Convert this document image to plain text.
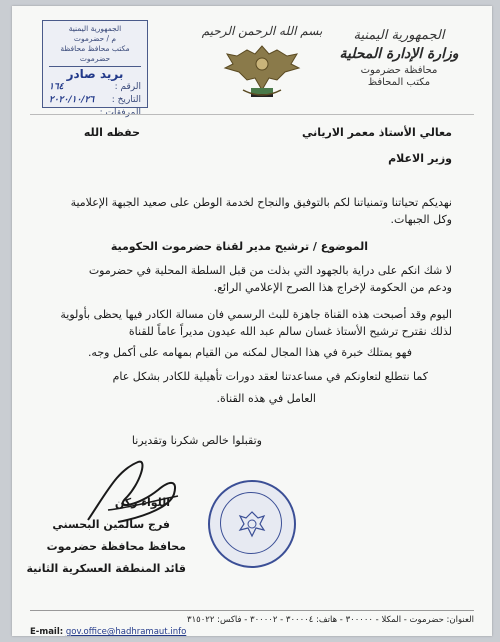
الجمهورية اليمنية
وزارة الإدارة المحلية
محافظة حضرموت
مكتب المحافظ
بسم الله الرحمن الرحيم
الجمهورية اليمنية
م / حضرموت
مكتب محافظ محافظة حضرموت
بريد صادر
الرقم :
١٦٤
التاريخ :
٢٠٢٠/١٠/٢٦
المرفقات :
معالي الأستاذ معمر الارياني
حفظه الله
وزير الاعلام
نهديكم تحياتنا وتمنياتنا لكم بالتوفيق والنجاح لخدمة الوطن على صعيد الجبهة الإعلامية وكل الجبهات.
الموضوع / ترشيح مدير لقناة حضرموت الحكومية
لا شك انكم على دراية بالجهود التي بذلت من قبل السلطة المحلية في حضرموت ودعم من الحكومة لإخراج هذا الصرح الإعلامي الرائع.
اليوم وقد أصبحت هذه القناة جاهزة للبث الرسمي فان مسالة الكادر فيها يحظى بأولوية لذلك نقترح ترشيح الأستاذ غسان سالم عبد الله عيدون مديراً عاماً للقناة
فهو يمتلك خبرة في هذا المجال لمكنه من القيام بمهامه على أكمل وجه.
كما نتطلع لتعاونكم في مساعدتنا لعقد دورات تأهيلية للكادر بشكل عام
العامل في هذه القناة.
وتقبلوا خالص شكرنا وتقديرنا
اللواء ركن
فرج سالمين البحسني
محافظ محافظة حضرموت
قائد المنطقة العسكرية الثانية
العنوان: حضرموت - المكلا - ٣٠٠٠٠٠ - هاتف: ٣٠٠٠٠٤ - ٣٠٠٠٠٢ - فاكس: ٣١٥٠٢٢
E-mail: gov.office@hadhramaut.info
